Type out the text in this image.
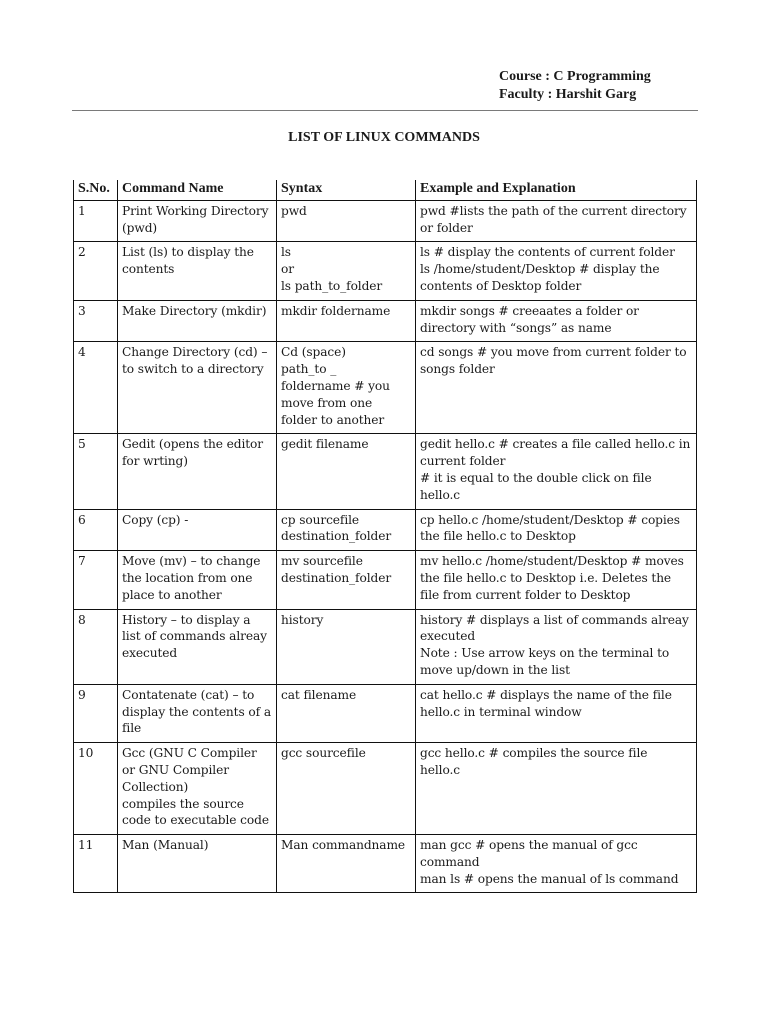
Course : C Programming
Faculty : Harshit Garg
LIST OF LINUX COMMANDS
S.No.	Command Name	Syntax	Example and Explanation
1	Print Working Directory
(pwd)	pwd	pwd #lists the path of the current directory
or folder

2	List (ls) to display the
contents	ls
or
ls path_to_folder	ls # display the contents of current folder
ls /home/student/Desktop # display the
contents of Desktop folder

3	Make Directory (mkdir)	mkdir foldername	mkdir songs # creeaates a folder or
directory with “songs” as name

4	Change Directory (cd) –
to switch to a directory	Cd (space)
path_to _
foldername # you
move from one
folder to another	cd songs # you move from current folder to
songs folder

5	Gedit (opens the editor
for wrting)	gedit filename	gedit hello.c # creates a file called hello.c in
current folder
# it is equal to the double click on file
hello.c

6	Copy (cp) -	cp sourcefile
destination_folder	cp hello.c /home/student/Desktop # copies
the file hello.c to Desktop

7	Move (mv) – to change
the location from one
place to another	mv sourcefile
destination_folder	mv hello.c /home/student/Desktop # moves
the file hello.c to Desktop i.e. Deletes the
file from current folder to Desktop

8	History – to display a
list of commands alreay
executed	history	history # displays a list of commands alreay
executed
Note : Use arrow keys on the terminal to
move up/down in the list

9	Contatenate (cat) – to
display the contents of a
file	cat filename	cat hello.c # displays the name of the file
hello.c in terminal window

10	Gcc (GNU C Compiler
or GNU Compiler
Collection)
compiles the source
code to executable code	gcc sourcefile	gcc hello.c # compiles the source file
hello.c

11	Man (Manual)	Man commandname	man gcc # opens the manual of gcc
command
man ls # opens the manual of ls command
